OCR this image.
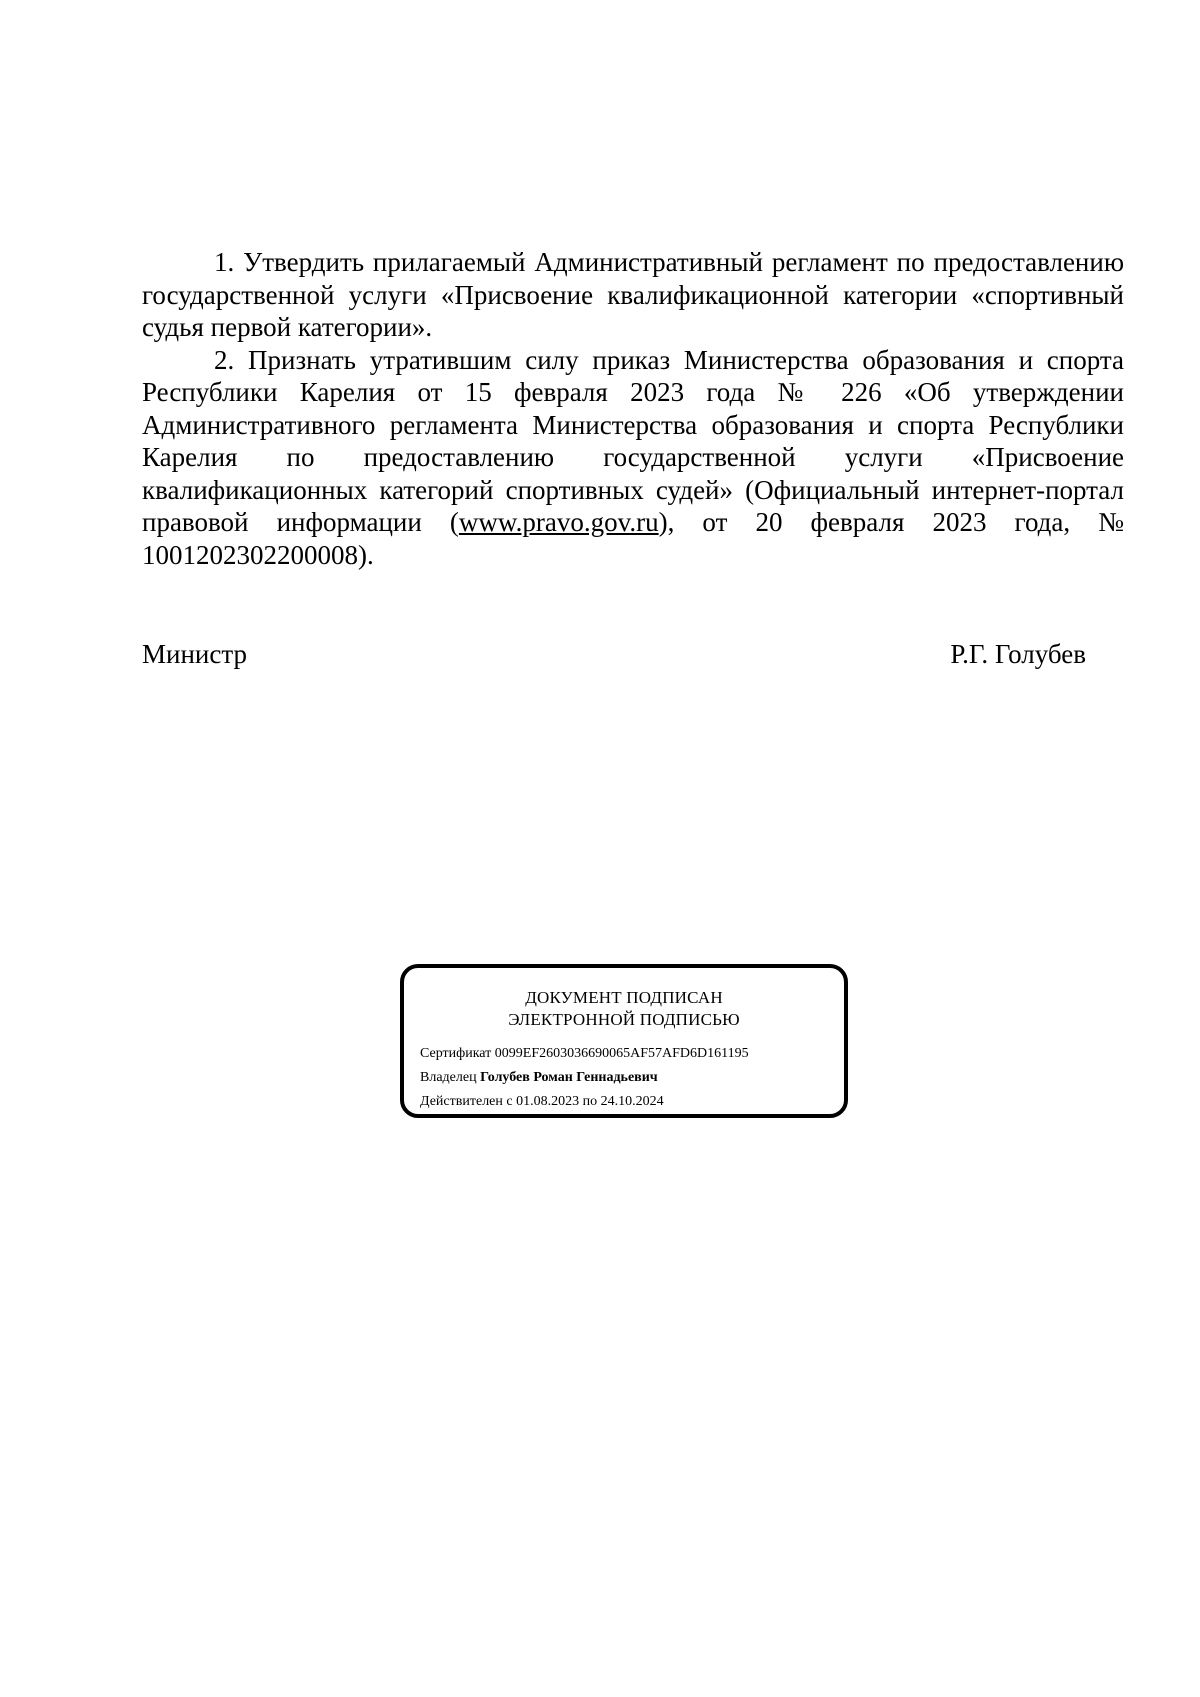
1. Утвердить прилагаемый Административный регламент по предоставлению государственной услуги «Присвоение квалификационной категории «спортивный судья первой категории».

2. Признать утратившим силу приказ Министерства образования и спорта Республики Карелия от 15 февраля 2023 года № 226 «Об утверждении Административного регламента Министерства образования и спорта Республики Карелия по предоставлению государственной услуги «Присвоение квалификационных категорий спортивных судей» (Официальный интернет-портал правовой информации (www.pravo.gov.ru), от 20 февраля 2023 года, № 1001202302200008).

Министр	Р.Г. Голубев
ДОКУМЕНТ ПОДПИСАН
ЭЛЕКТРОННОЙ ПОДПИСЬЮ
Сертификат 0099EF2603036690065AF57AFD6D161195
Владелец Голубев Роман Геннадьевич
Действителен с 01.08.2023 по 24.10.2024
